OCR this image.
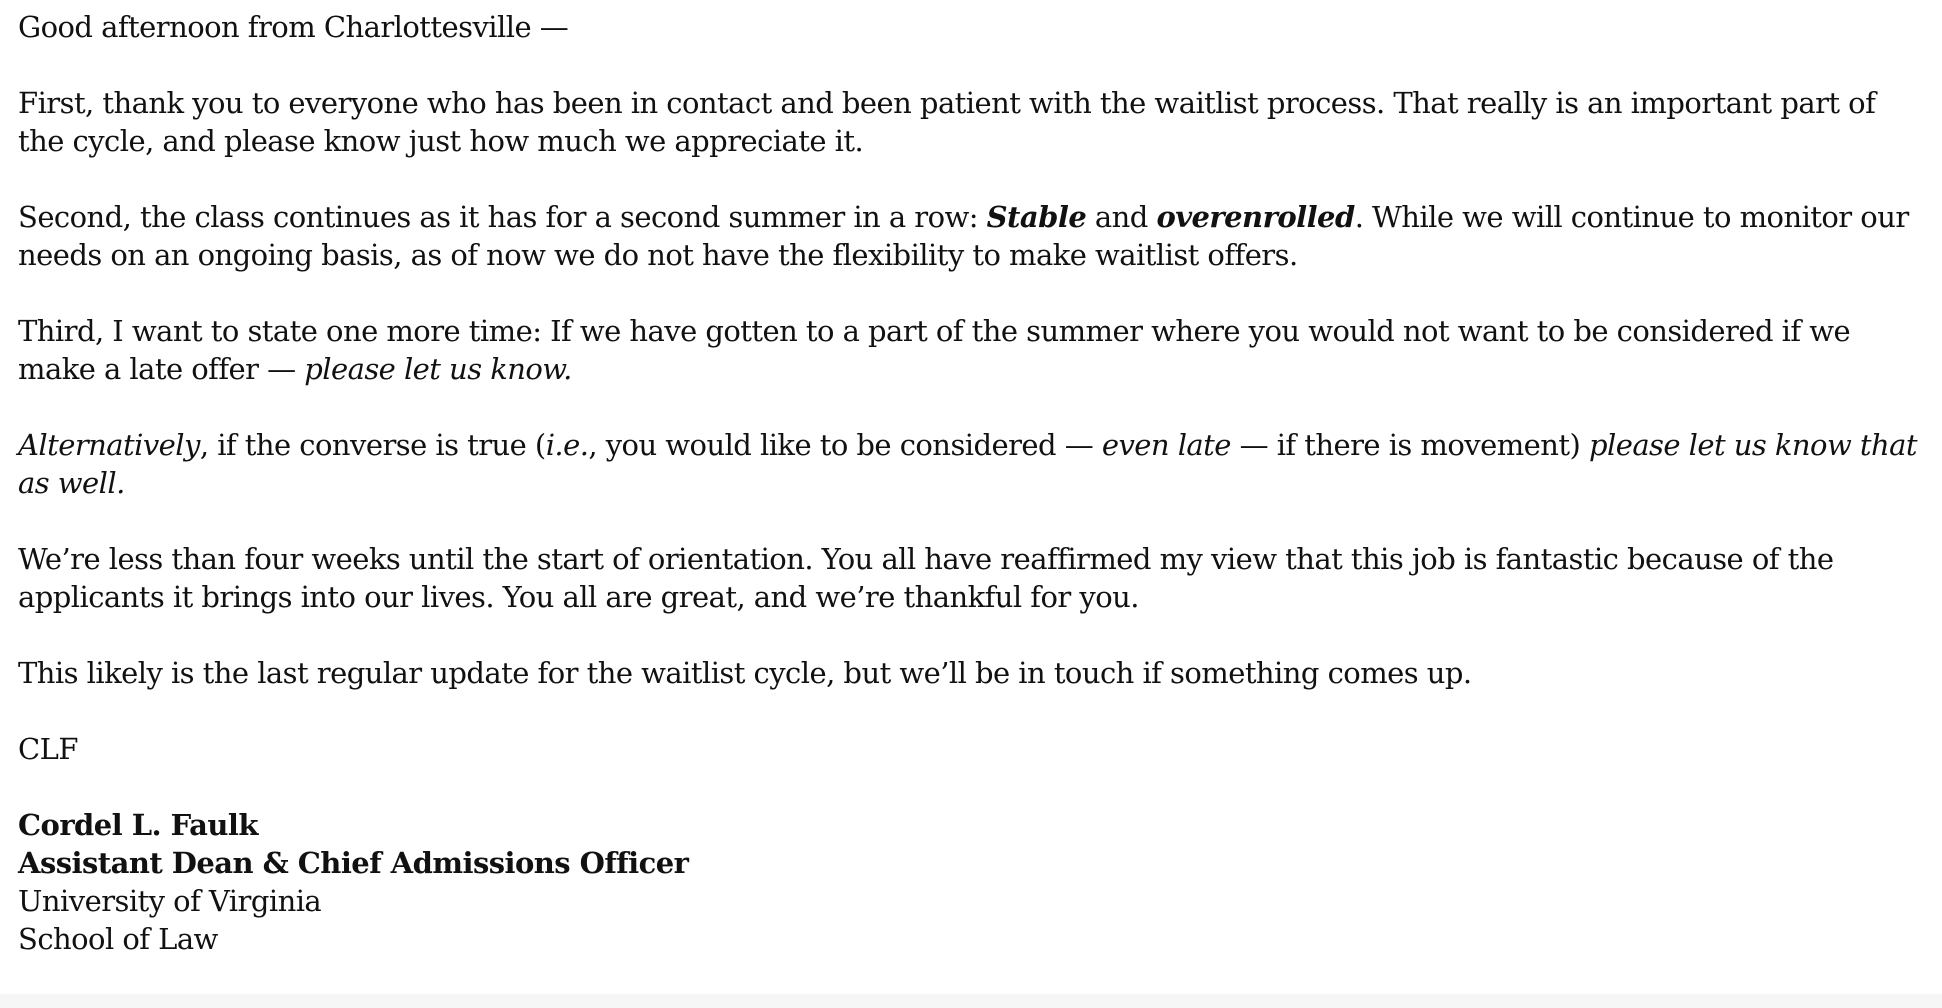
Good afternoon from Charlottesville —

First, thank you to everyone who has been in contact and been patient with the waitlist process. That really is an important part of the cycle, and please know just how much we appreciate it.

Second, the class continues as it has for a second summer in a row: Stable and overenrolled. While we will continue to monitor our needs on an ongoing basis, as of now we do not have the flexibility to make waitlist offers.

Third, I want to state one more time: If we have gotten to a part of the summer where you would not want to be considered if we make a late offer — please let us know.

Alternatively, if the converse is true (i.e., you would like to be considered — even late — if there is movement) please let us know that as well.

We’re less than four weeks until the start of orientation. You all have reaffirmed my view that this job is fantastic because of the applicants it brings into our lives. You all are great, and we’re thankful for you.

This likely is the last regular update for the waitlist cycle, but we’ll be in touch if something comes up.

CLF

Cordel L. Faulk
Assistant Dean & Chief Admissions Officer
University of Virginia
School of Law
